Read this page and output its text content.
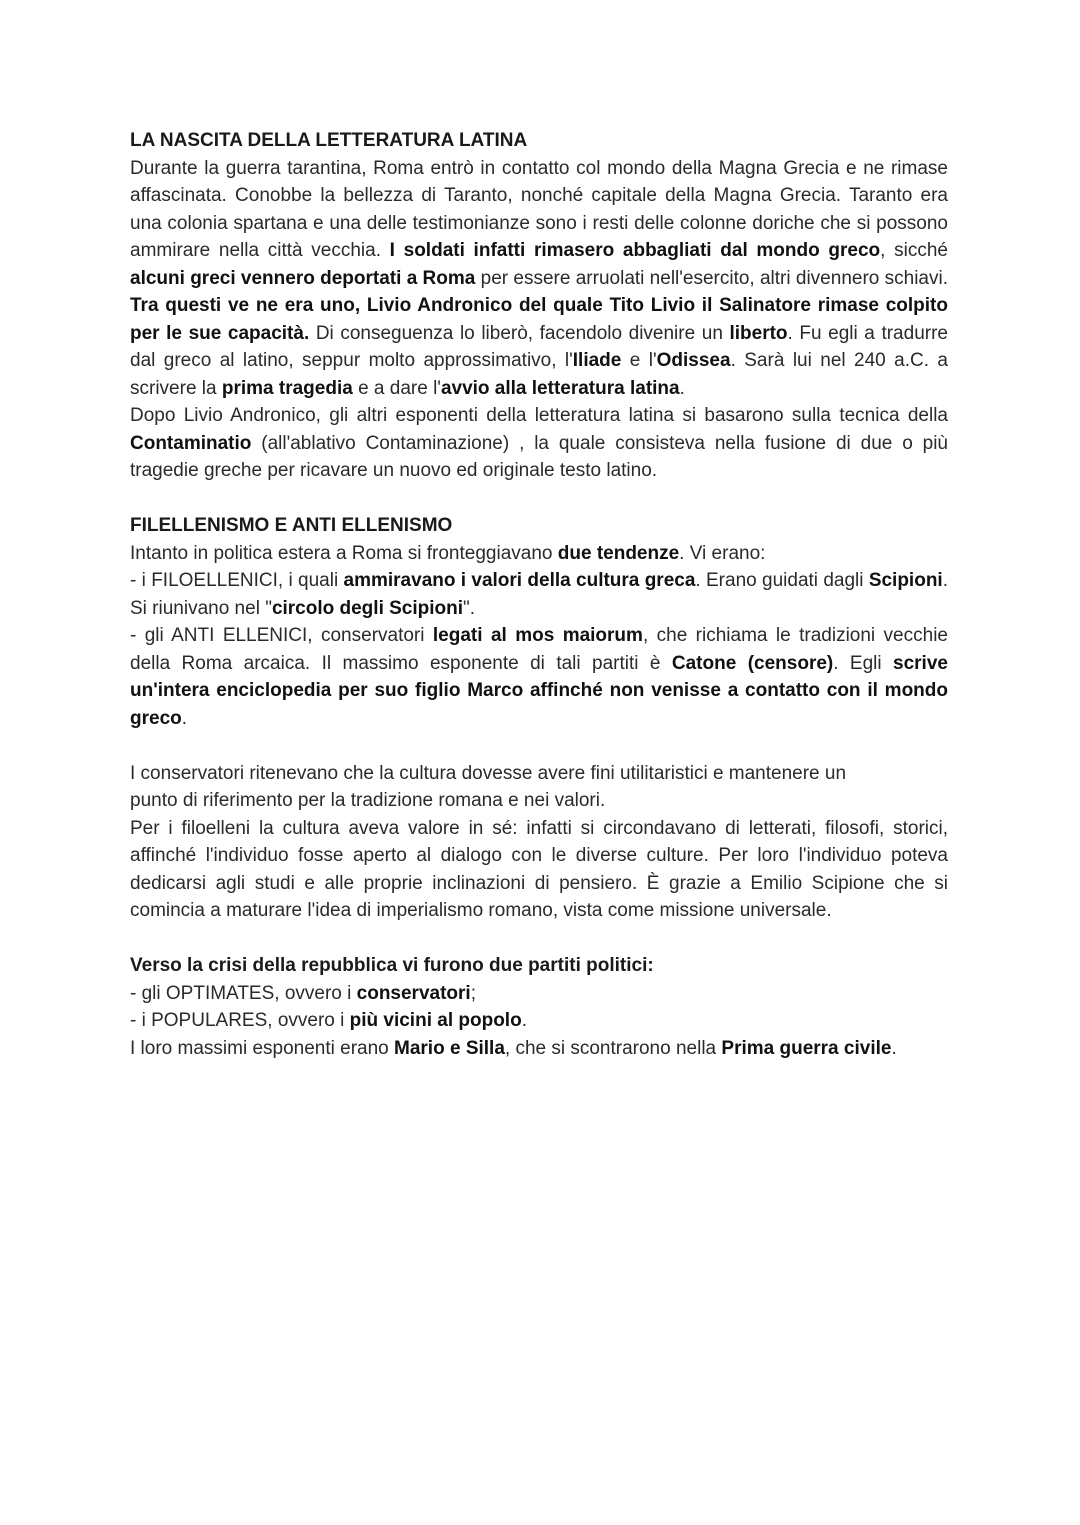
LA NASCITA DELLA LETTERATURA LATINA

Durante la guerra tarantina, Roma entrò in contatto col mondo della Magna Grecia e ne rimase affascinata. Conobbe la bellezza di Taranto, nonché capitale della Magna Grecia. Taranto era una colonia spartana e una delle testimonianze sono i resti delle colonne doriche che si possono ammirare nella città vecchia. I soldati infatti rimasero abbagliati dal mondo greco, sicché alcuni greci vennero deportati a Roma per essere arruolati nell'esercito, altri divennero schiavi. Tra questi ve ne era uno, Livio Andronico del quale Tito Livio il Salinatore rimase colpito per le sue capacità. Di conseguenza lo liberò, facendolo divenire un liberto. Fu egli a tradurre dal greco al latino, seppur molto approssimativo, l'Iliade e l'Odissea. Sarà lui nel 240 a.C. a scrivere la prima tragedia e a dare l'avvio alla letteratura latina.

Dopo Livio Andronico, gli altri esponenti della letteratura latina si basarono sulla tecnica della Contaminatio (all'ablativo Contaminazione) , la quale consisteva nella fusione di due o più tragedie greche per ricavare un nuovo ed originale testo latino.

FILELLENISMO E ANTI ELLENISMO

Intanto in politica estera a Roma si fronteggiavano due tendenze. Vi erano:

- i FILOELLENICI, i quali ammiravano i valori della cultura greca. Erano guidati dagli Scipioni. Si riunivano nel "circolo degli Scipioni".

- gli ANTI ELLENICI, conservatori legati al mos maiorum, che richiama le tradizioni vecchie della Roma arcaica. Il massimo esponente di tali partiti è Catone (censore). Egli scrive un'intera enciclopedia per suo figlio Marco affinché non venisse a contatto con il mondo greco.

I conservatori ritenevano che la cultura dovesse avere fini utilitaristici e mantenere un punto di riferimento per la tradizione romana e nei valori.

Per i filoelleni la cultura aveva valore in sé: infatti si circondavano di letterati, filosofi, storici, affinché l'individuo fosse aperto al dialogo con le diverse culture. Per loro l'individuo poteva dedicarsi agli studi e alle proprie inclinazioni di pensiero. È grazie a Emilio Scipione che si comincia a maturare l'idea di imperialismo romano, vista come missione universale.

Verso la crisi della repubblica vi furono due partiti politici:

- gli OPTIMATES, ovvero i conservatori;

- i POPULARES, ovvero i più vicini al popolo.

I loro massimi esponenti erano Mario e Silla, che si scontrarono nella Prima guerra civile.
